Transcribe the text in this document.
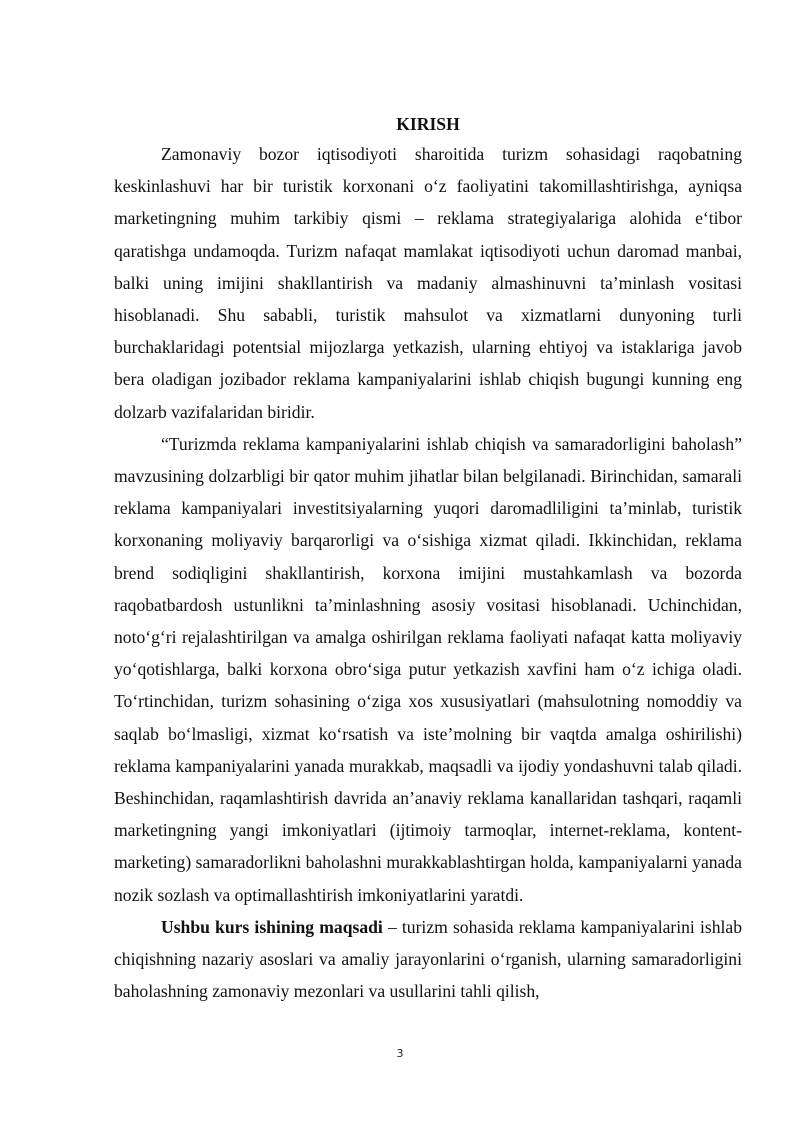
KIRISH

Zamonaviy bozor iqtisodiyoti sharoitida turizm sohasidagi raqobatning keskinlashuvi har bir turistik korxonani o‘z faoliyatini takomillashtirishga, ayniqsa marketingning muhim tarkibiy qismi – reklama strategiyalariga alohida e‘tibor qaratishga undamoqda. Turizm nafaqat mamlakat iqtisodiyoti uchun daromad manbai, balki uning imijini shakllantirish va madaniy almashinuvni ta’minlash vositasi hisoblanadi. Shu sababli, turistik mahsulot va xizmatlarni dunyoning turli burchaklaridagi potentsial mijozlarga yetkazish, ularning ehtiyoj va istaklariga javob bera oladigan jozibador reklama kampaniyalarini ishlab chiqish bugungi kunning eng dolzarb vazifalaridan biridir.

“Turizmda reklama kampaniyalarini ishlab chiqish va samaradorligini baholash” mavzusining dolzarbligi bir qator muhim jihatlar bilan belgilanadi. Birinchidan, samarali reklama kampaniyalari investitsiyalarning yuqori daromadliligini ta’minlab, turistik korxonaning moliyaviy barqarorligi va o‘sishiga xizmat qiladi. Ikkinchidan, reklama brend sodiqligini shakllantirish, korxona imijini mustahkamlash va bozorda raqobatbardosh ustunlikni ta’minlashning asosiy vositasi hisoblanadi. Uchinchidan, noto‘g‘ri rejalashtirilgan va amalga oshirilgan reklama faoliyati nafaqat katta moliyaviy yo‘qotishlarga, balki korxona obro‘siga putur yetkazish xavfini ham o‘z ichiga oladi. To‘rtinchidan, turizm sohasining o‘ziga xos xususiyatlari (mahsulotning nomoddiy va saqlab bo‘lmasligi, xizmat ko‘rsatish va iste’molning bir vaqtda amalga oshirilishi) reklama kampaniyalarini yanada murakkab, maqsadli va ijodiy yondashuvni talab qiladi. Beshinchidan, raqamlashtirish davrida an’anaviy reklama kanallaridan tashqari, raqamli marketingning yangi imkoniyatlari (ijtimoiy tarmoqlar, internet-reklama, kontent-marketing) samaradorlikni baholashni murakkablashtirgan holda, kampaniyalarni yanada nozik sozlash va optimallashtirish imkoniyatlarini yaratdi.

Ushbu kurs ishining maqsadi – turizm sohasida reklama kampaniyalarini ishlab chiqishning nazariy asoslari va amaliy jarayonlarini o‘rganish, ularning samaradorligini baholashning zamonaviy mezonlari va usullarini tahli qilish,

3
